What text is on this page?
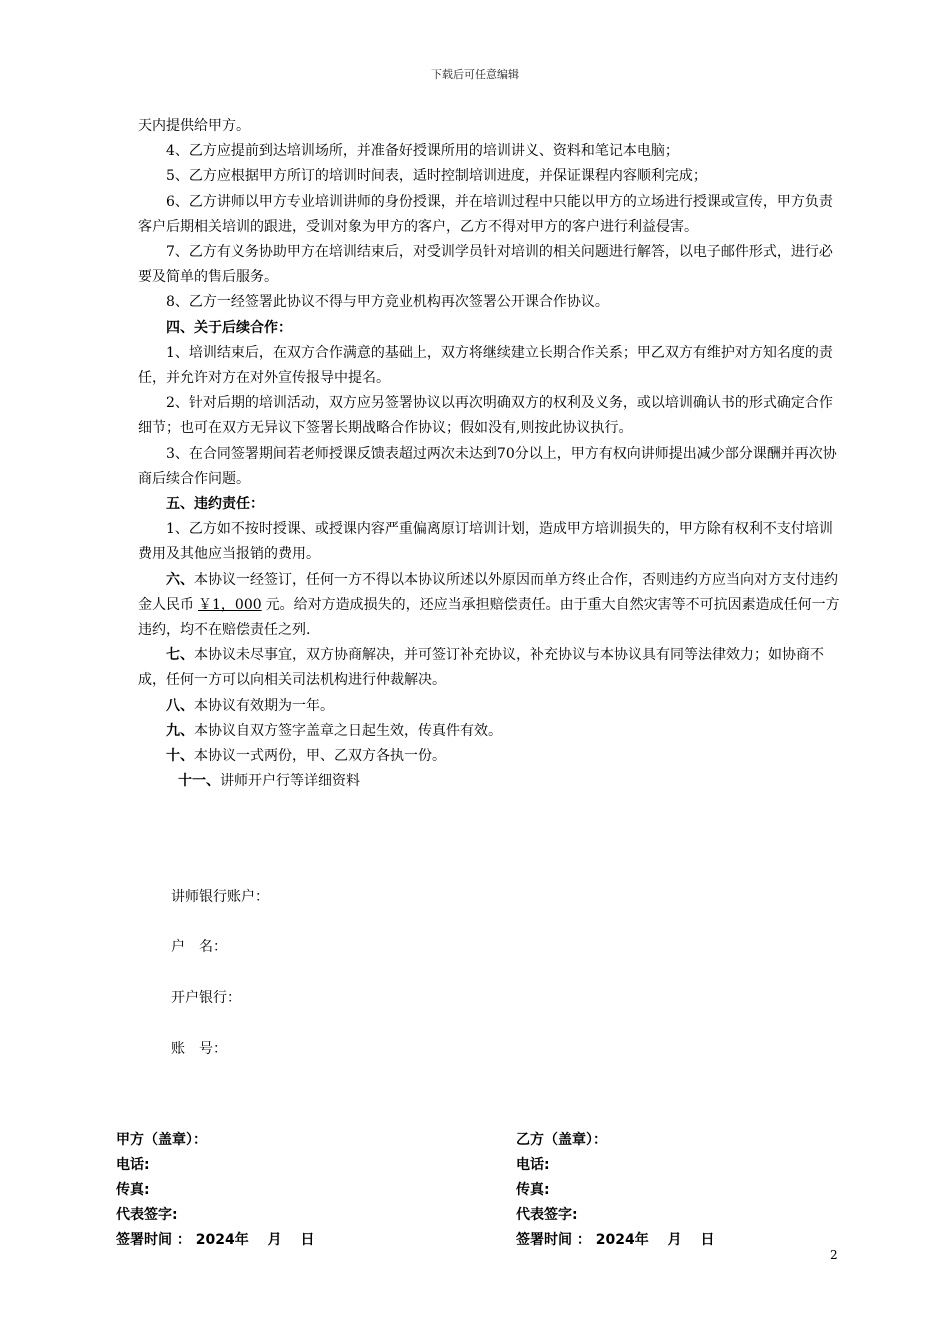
下载后可任意编辑

天内提供给甲方。

4、乙方应提前到达培训场所，并准备好授课所用的培训讲义、资料和笔记本电脑；

5、乙方应根据甲方所订的培训时间表，适时控制培训进度，并保证课程内容顺利完成；

6、乙方讲师以甲方专业培训讲师的身份授课，并在培训过程中只能以甲方的立场进行授课或宣传，甲方负责客户后期相关培训的跟进，受训对象为甲方的客户，乙方不得对甲方的客户进行利益侵害。

7、乙方有义务协助甲方在培训结束后，对受训学员针对培训的相关问题进行解答，以电子邮件形式，进行必要及简单的售后服务。

8、乙方一经签署此协议不得与甲方竞业机构再次签署公开课合作协议。

四、关于后续合作：

1、培训结束后，在双方合作满意的基础上，双方将继续建立长期合作关系；甲乙双方有维护对方知名度的责任，并允许对方在对外宣传报导中提名。

2、针对后期的培训活动，双方应另签署协议以再次明确双方的权利及义务，或以培训确认书的形式确定合作细节；也可在双方无异议下签署长期战略合作协议；假如没有,则按此协议执行。

3、在合同签署期间若老师授课反馈表超过两次未达到70分以上，甲方有权向讲师提出减少部分课酬并再次协商后续合作问题。

五、违约责任：

1、乙方如不按时授课、或授课内容严重偏离原订培训计划，造成甲方培训损失的，甲方除有权利不支付培训费用及其他应当报销的费用。

六、本协议一经签订，任何一方不得以本协议所述以外原因而单方终止合作，否则违约方应当向对方支付违约金人民币 ￥1，000 元。给对方造成损失的，还应当承担赔偿责任。由于重大自然灾害等不可抗因素造成任何一方违约，均不在赔偿责任之列.

七、本协议未尽事宜，双方协商解决，并可签订补充协议，补充协议与本协议具有同等法律效力；如协商不成，任何一方可以向相关司法机构进行仲裁解决。

八、本协议有效期为一年。

九、本协议自双方签字盖章之日起生效，传真件有效。

十、本协议一式两份，甲、乙双方各执一份。

十一、讲师开户行等详细资料

讲师银行账户：
户　名：
开户银行：
账　号：
甲方（盖章）：
电话:
传真:
代表签字:
签署时间 ： 2024年　 月　 日
乙方（盖章）：
电话:
传真:
代表签字:
签署时间 ： 2024年　 月　 日
2
